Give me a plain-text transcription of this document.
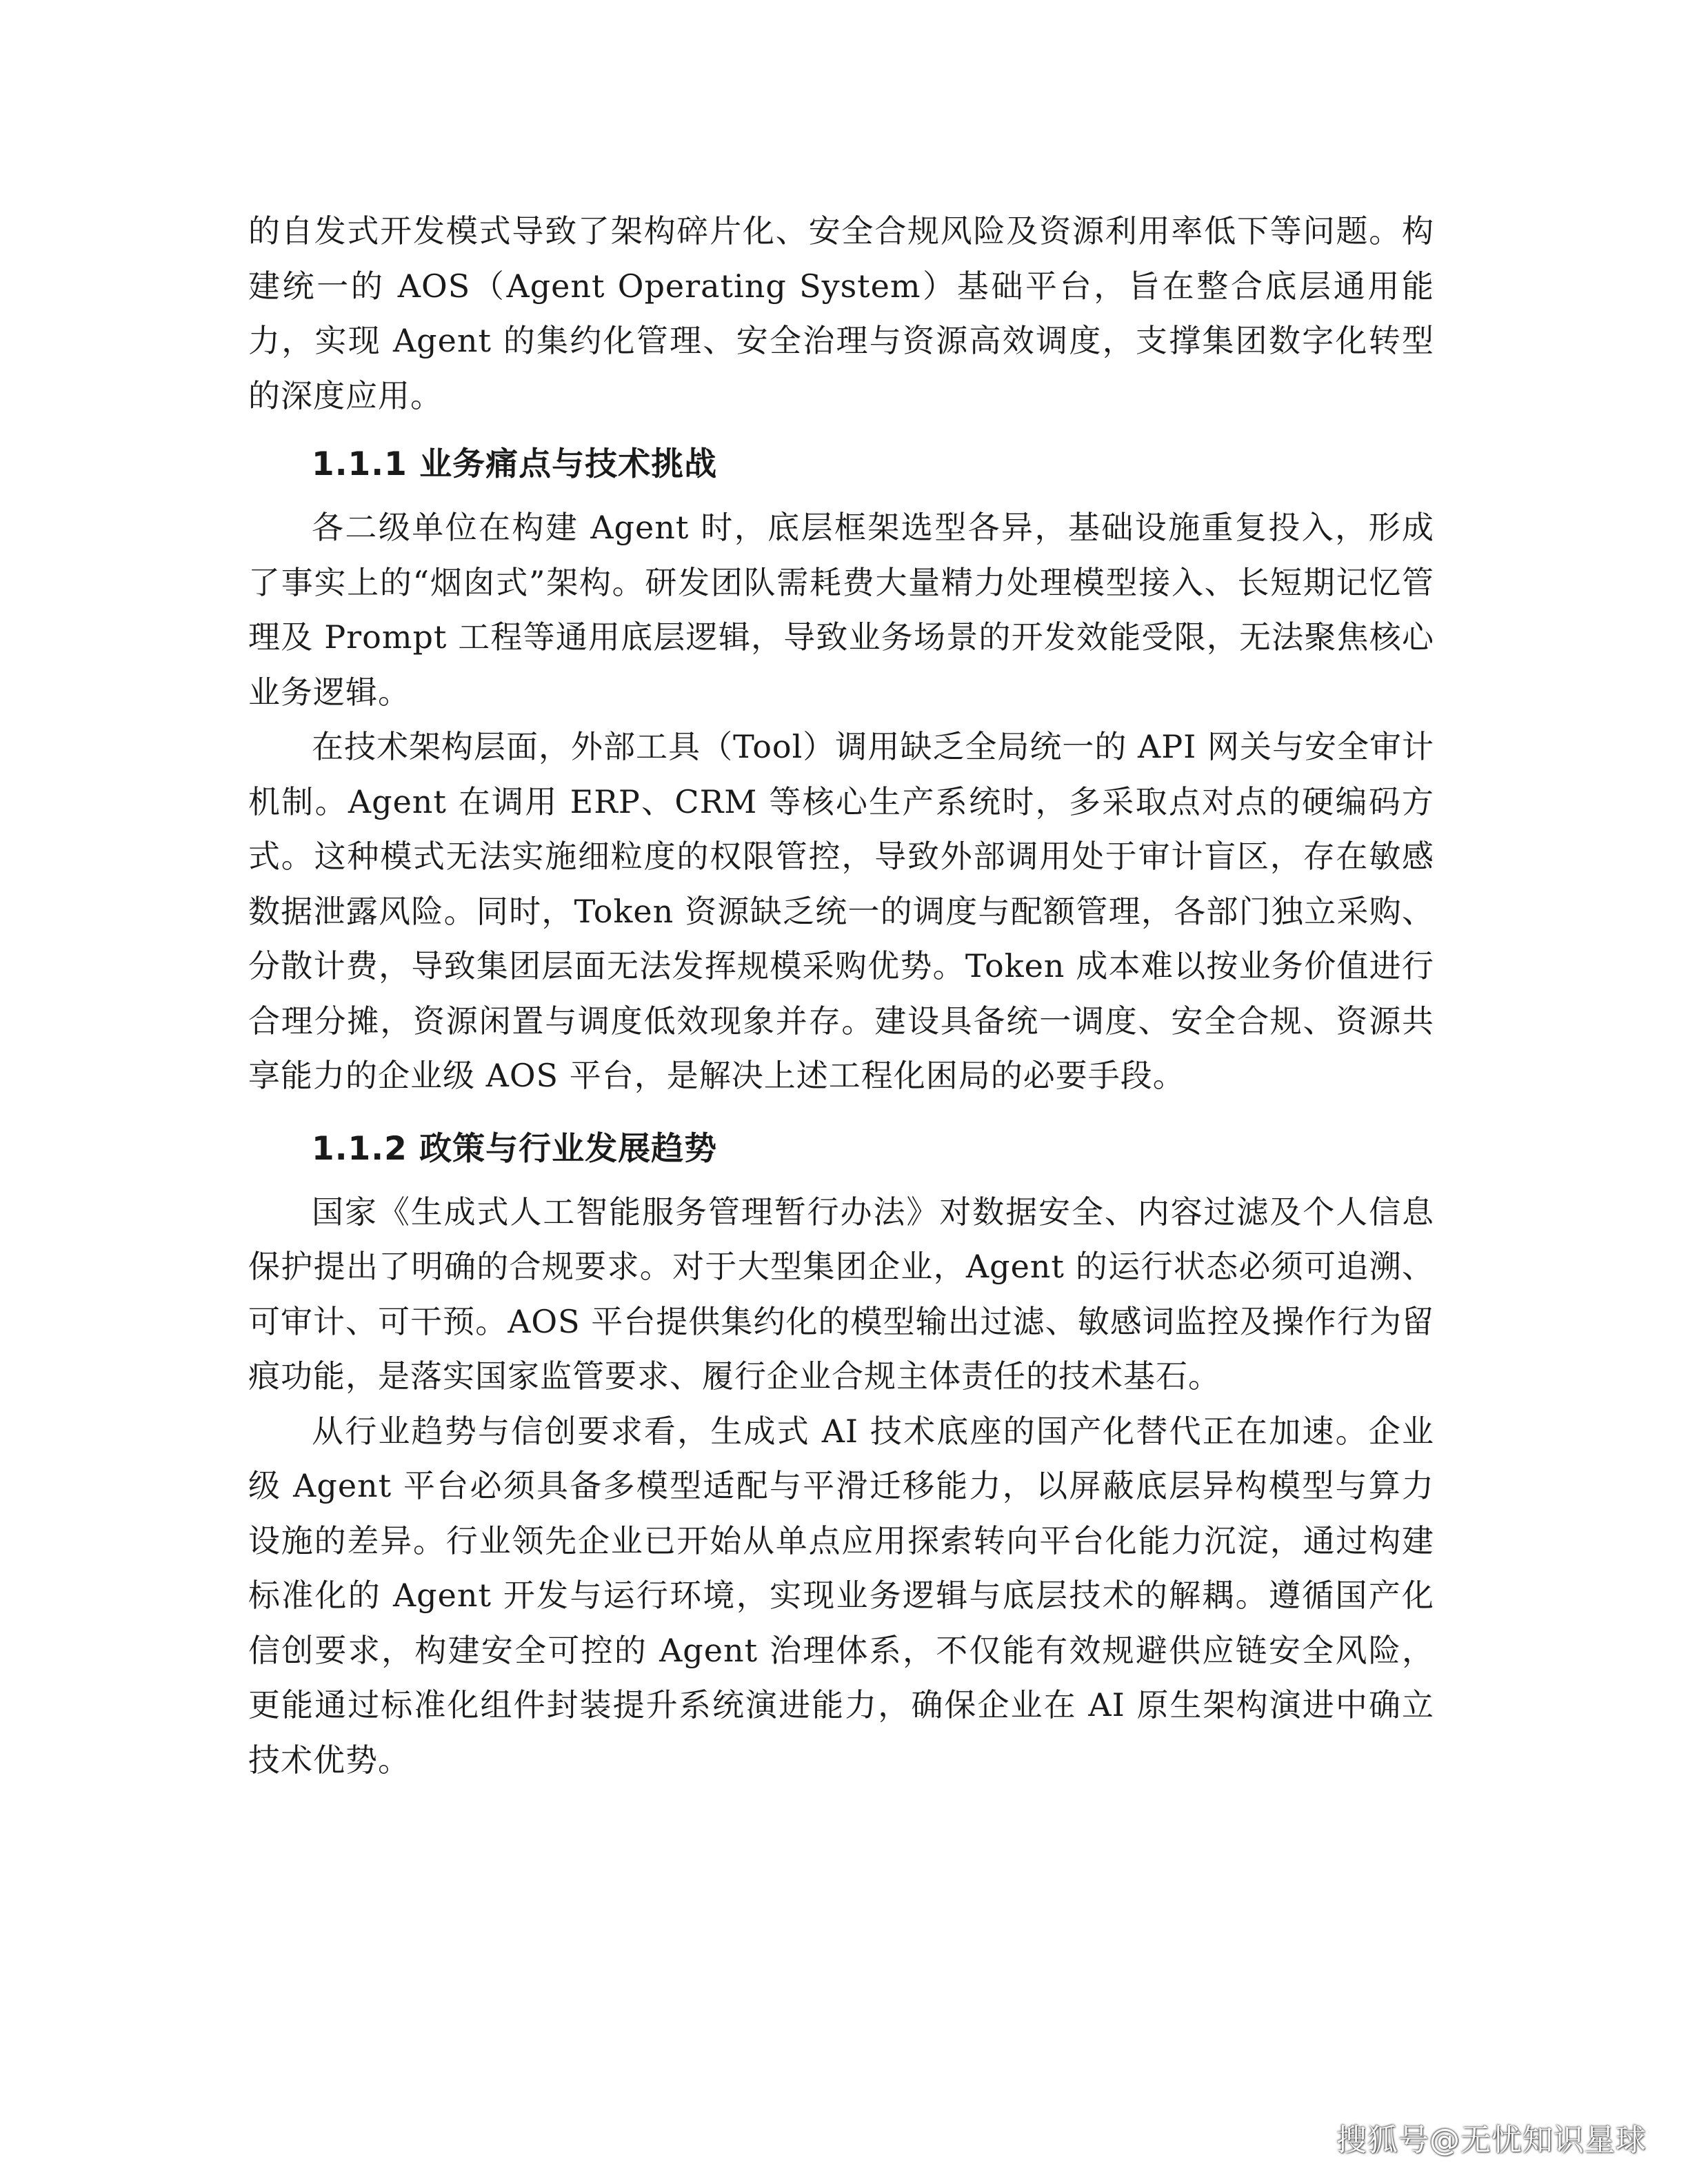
的自发式开发模式导致了架构碎片化、安全合规风险及资源利用率低下等问题。构建统一的 AOS（Agent Operating System）基础平台，旨在整合底层通用能力，实现 Agent 的集约化管理、安全治理与资源高效调度，支撑集团数字化转型的深度应用。

1.1.1 业务痛点与技术挑战

各二级单位在构建 Agent 时，底层框架选型各异，基础设施重复投入，形成了事实上的“烟囱式”架构。研发团队需耗费大量精力处理模型接入、长短期记忆管理及 Prompt 工程等通用底层逻辑，导致业务场景的开发效能受限，无法聚焦核心业务逻辑。

在技术架构层面，外部工具（Tool）调用缺乏全局统一的 API 网关与安全审计机制。Agent 在调用 ERP、CRM 等核心生产系统时，多采取点对点的硬编码方式。这种模式无法实施细粒度的权限管控，导致外部调用处于审计盲区，存在敏感数据泄露风险。同时，Token 资源缺乏统一的调度与配额管理，各部门独立采购、分散计费，导致集团层面无法发挥规模采购优势。Token 成本难以按业务价值进行合理分摊，资源闲置与调度低效现象并存。建设具备统一调度、安全合规、资源共享能力的企业级 AOS 平台，是解决上述工程化困局的必要手段。

1.1.2 政策与行业发展趋势

国家《生成式人工智能服务管理暂行办法》对数据安全、内容过滤及个人信息保护提出了明确的合规要求。对于大型集团企业，Agent 的运行状态必须可追溯、可审计、可干预。AOS 平台提供集约化的模型输出过滤、敏感词监控及操作行为留痕功能，是落实国家监管要求、履行企业合规主体责任的技术基石。

从行业趋势与信创要求看，生成式 AI 技术底座的国产化替代正在加速。企业级 Agent 平台必须具备多模型适配与平滑迁移能力，以屏蔽底层异构模型与算力设施的差异。行业领先企业已开始从单点应用探索转向平台化能力沉淀，通过构建标准化的 Agent 开发与运行环境，实现业务逻辑与底层技术的解耦。遵循国产化信创要求，构建安全可控的 Agent 治理体系，不仅能有效规避供应链安全风险，更能通过标准化组件封装提升系统演进能力，确保企业在 AI 原生架构演进中确立技术优势。

搜狐号@无忧知识星球
